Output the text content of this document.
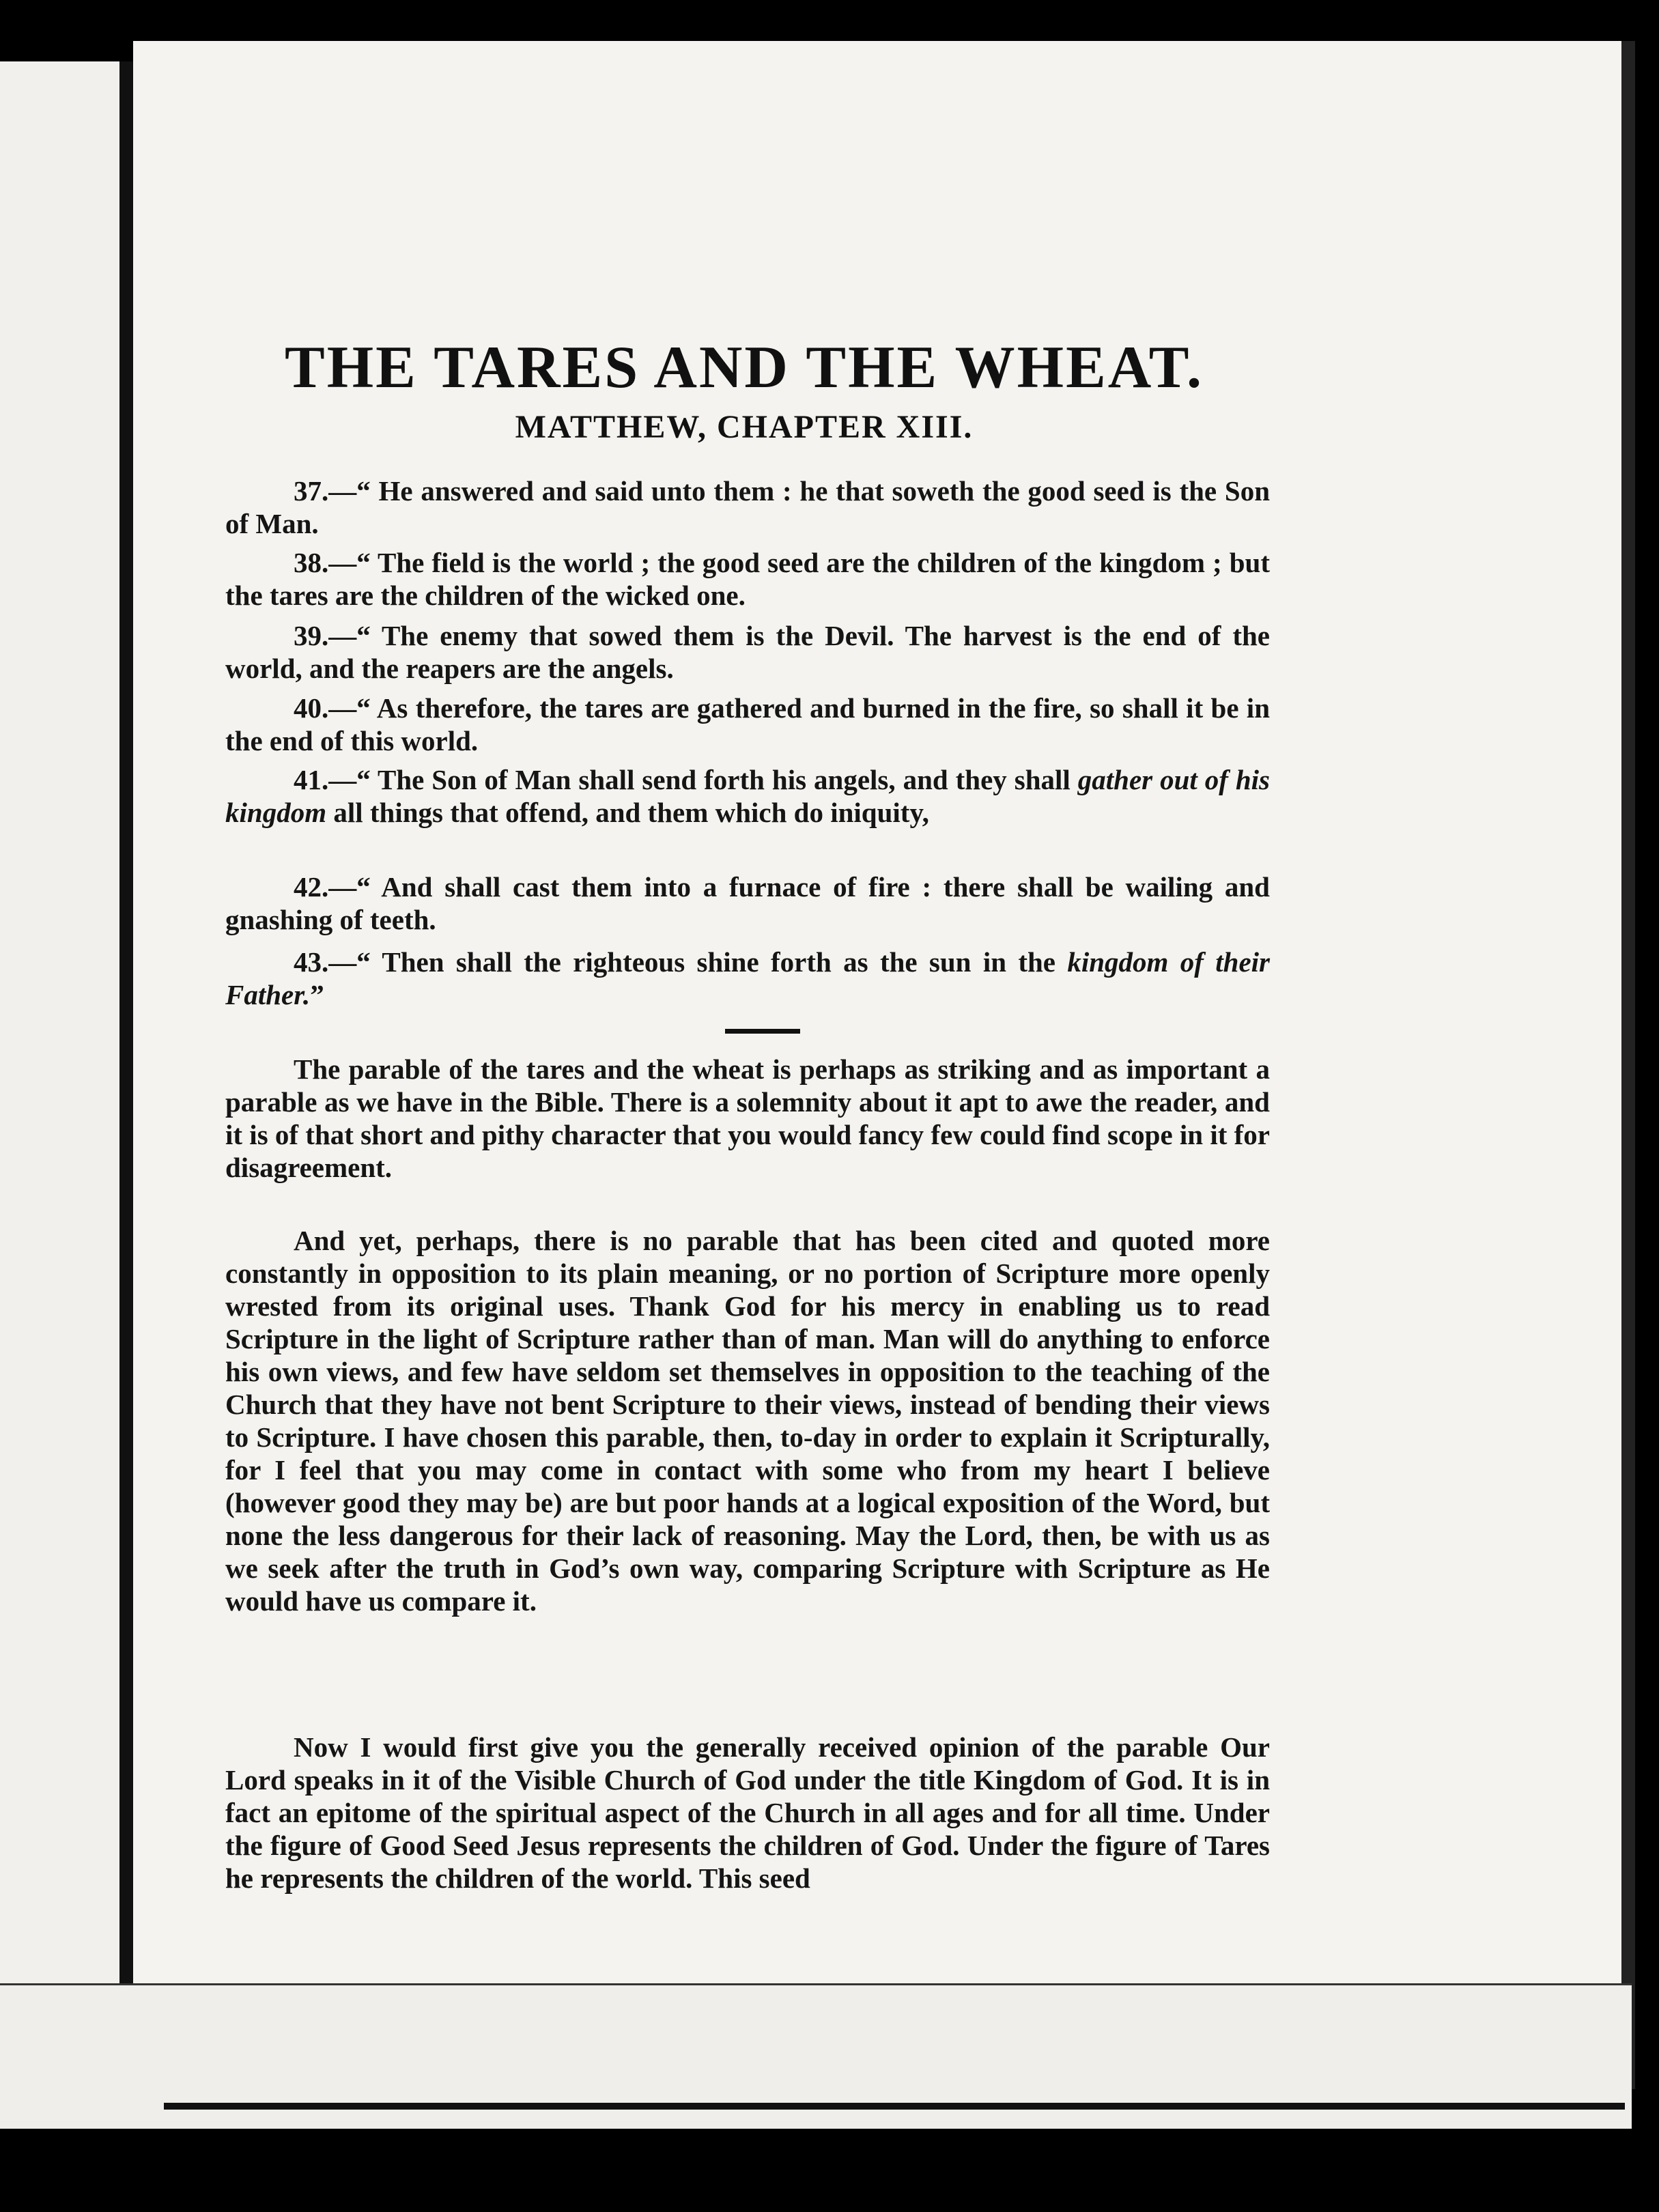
THE TARES AND THE WHEAT.
MATTHEW, CHAPTER XIII.

37.—“ He answered and said unto them : he that soweth the good seed is the Son of Man.

38.—“ The field is the world ; the good seed are the children of the kingdom ; but the tares are the children of the wicked one.

39.—“ The enemy that sowed them is the Devil. The harvest is the end of the world, and the reapers are the angels.

40.—“ As therefore, the tares are gathered and burned in the fire, so shall it be in the end of this world.

41.—“ The Son of Man shall send forth his angels, and they shall gather out of his kingdom all things that offend, and them which do iniquity,

42.—“ And shall cast them into a furnace of fire : there shall be wailing and gnashing of teeth.

43.—“ Then shall the righteous shine forth as the sun in the kingdom of their Father.”

The parable of the tares and the wheat is perhaps as striking and as important a parable as we have in the Bible. There is a solemnity about it apt to awe the reader, and it is of that short and pithy character that you would fancy few could find scope in it for disagreement.

And yet, perhaps, there is no parable that has been cited and quoted more constantly in opposition to its plain meaning, or no portion of Scripture more openly wrested from its original uses. Thank God for his mercy in enabling us to read Scripture in the light of Scripture rather than of man. Man will do anything to enforce his own views, and few have seldom set themselves in opposition to the teaching of the Church that they have not bent Scripture to their views, instead of bending their views to Scripture. I have chosen this parable, then, to-day in order to explain it Scripturally, for I feel that you may come in contact with some who from my heart I believe (however good they may be) are but poor hands at a logical exposition of the Word, but none the less dangerous for their lack of reasoning. May the Lord, then, be with us as we seek after the truth in God’s own way, comparing Scripture with Scripture as He would have us compare it.

Now I would first give you the generally received opinion of the parable Our Lord speaks in it of the Visible Church of God under the title Kingdom of God. It is in fact an epitome of the spiritual aspect of the Church in all ages and for all time. Under the figure of Good Seed Jesus represents the children of God. Under the figure of Tares he represents the children of the world. This seed
